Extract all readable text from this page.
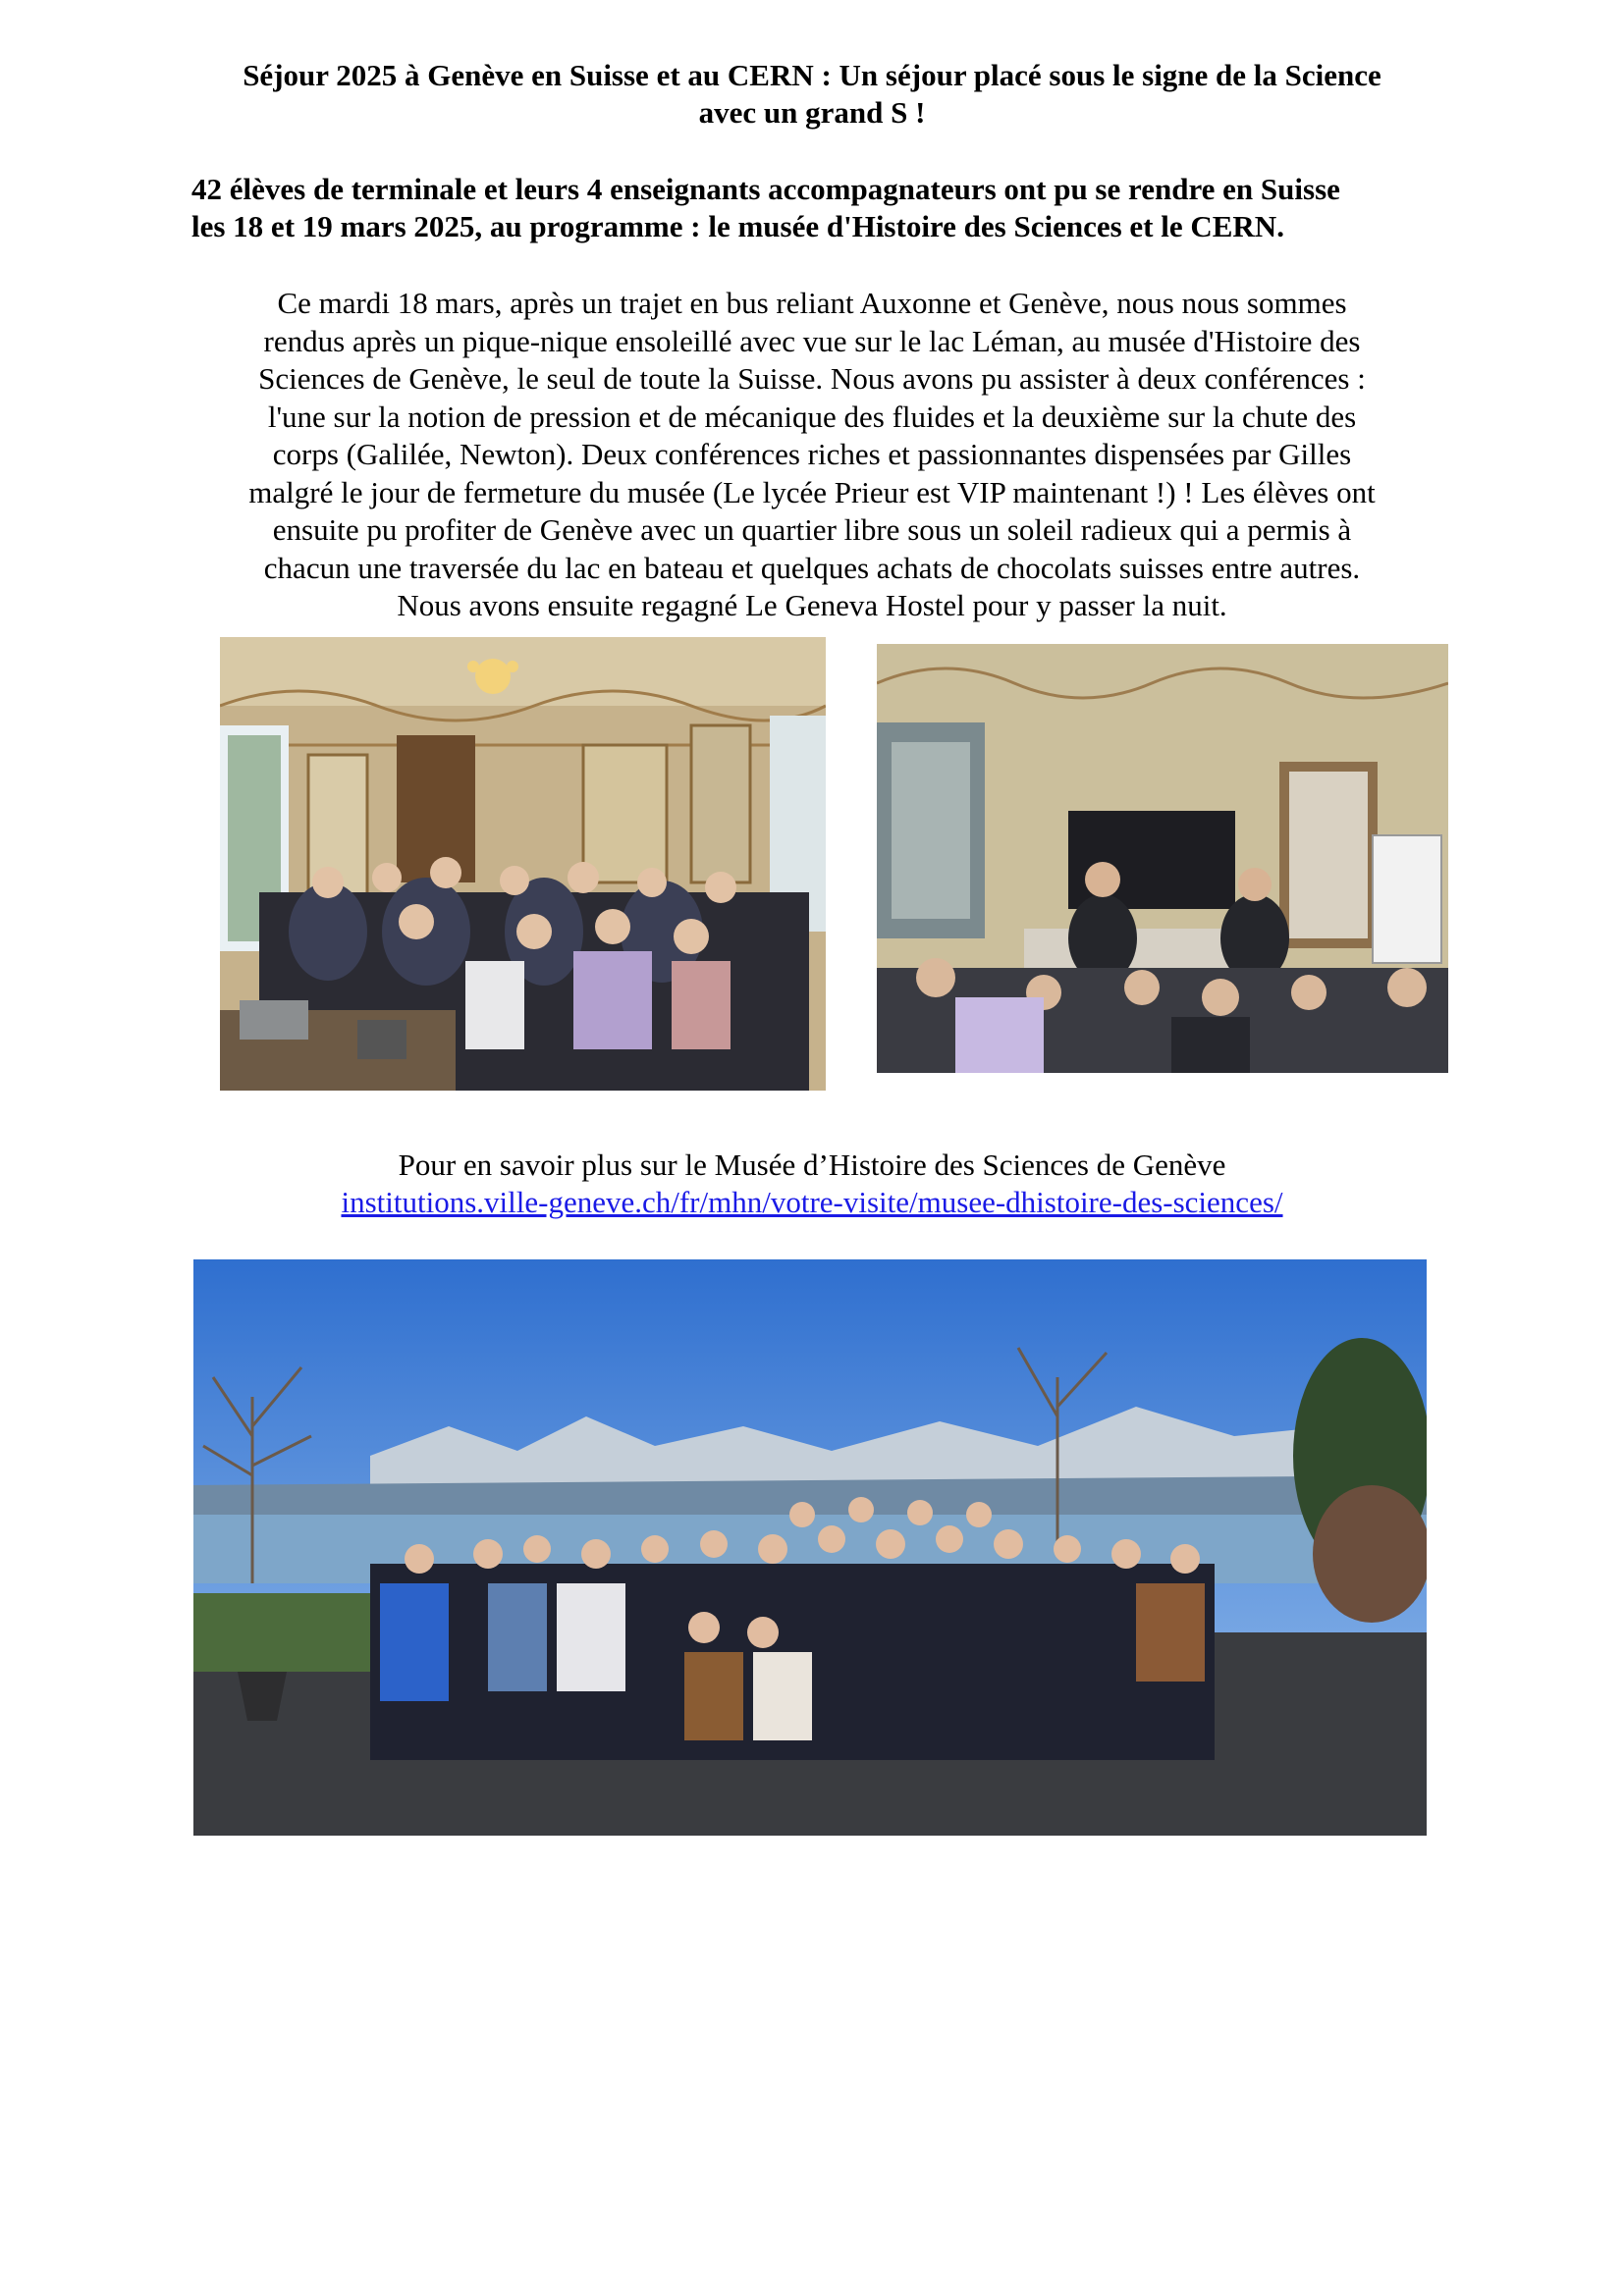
Séjour 2025 à Genève en Suisse et au CERN : Un séjour placé sous le signe de la Science
avec un grand S !
42 élèves de terminale et leurs 4 enseignants accompagnateurs ont pu se rendre en Suisse
les 18 et 19 mars 2025, au programme : le musée d'Histoire des Sciences et le CERN.
Ce mardi 18 mars, après un trajet en bus reliant Auxonne et Genève, nous nous sommes
rendus après un pique-nique ensoleillé avec vue sur le lac Léman, au musée d'Histoire des
Sciences de Genève, le seul de toute la Suisse. Nous avons pu assister à deux conférences :
l'une sur la notion de pression et de mécanique des fluides et la deuxième sur la chute des
corps (Galilée, Newton). Deux conférences riches et passionnantes dispensées par Gilles
malgré le jour de fermeture du musée (Le lycée Prieur est VIP maintenant !) ! Les élèves ont
ensuite pu profiter de Genève avec un quartier libre sous un soleil radieux qui a permis à
chacun une traversée du lac en bateau et quelques achats de chocolats suisses entre autres.
Nous avons ensuite regagné Le Geneva Hostel pour y passer la nuit.
Pour en savoir plus sur le Musée d’Histoire des Sciences de Genève
institutions.ville-geneve.ch/fr/mhn/votre-visite/musee-dhistoire-des-sciences/
